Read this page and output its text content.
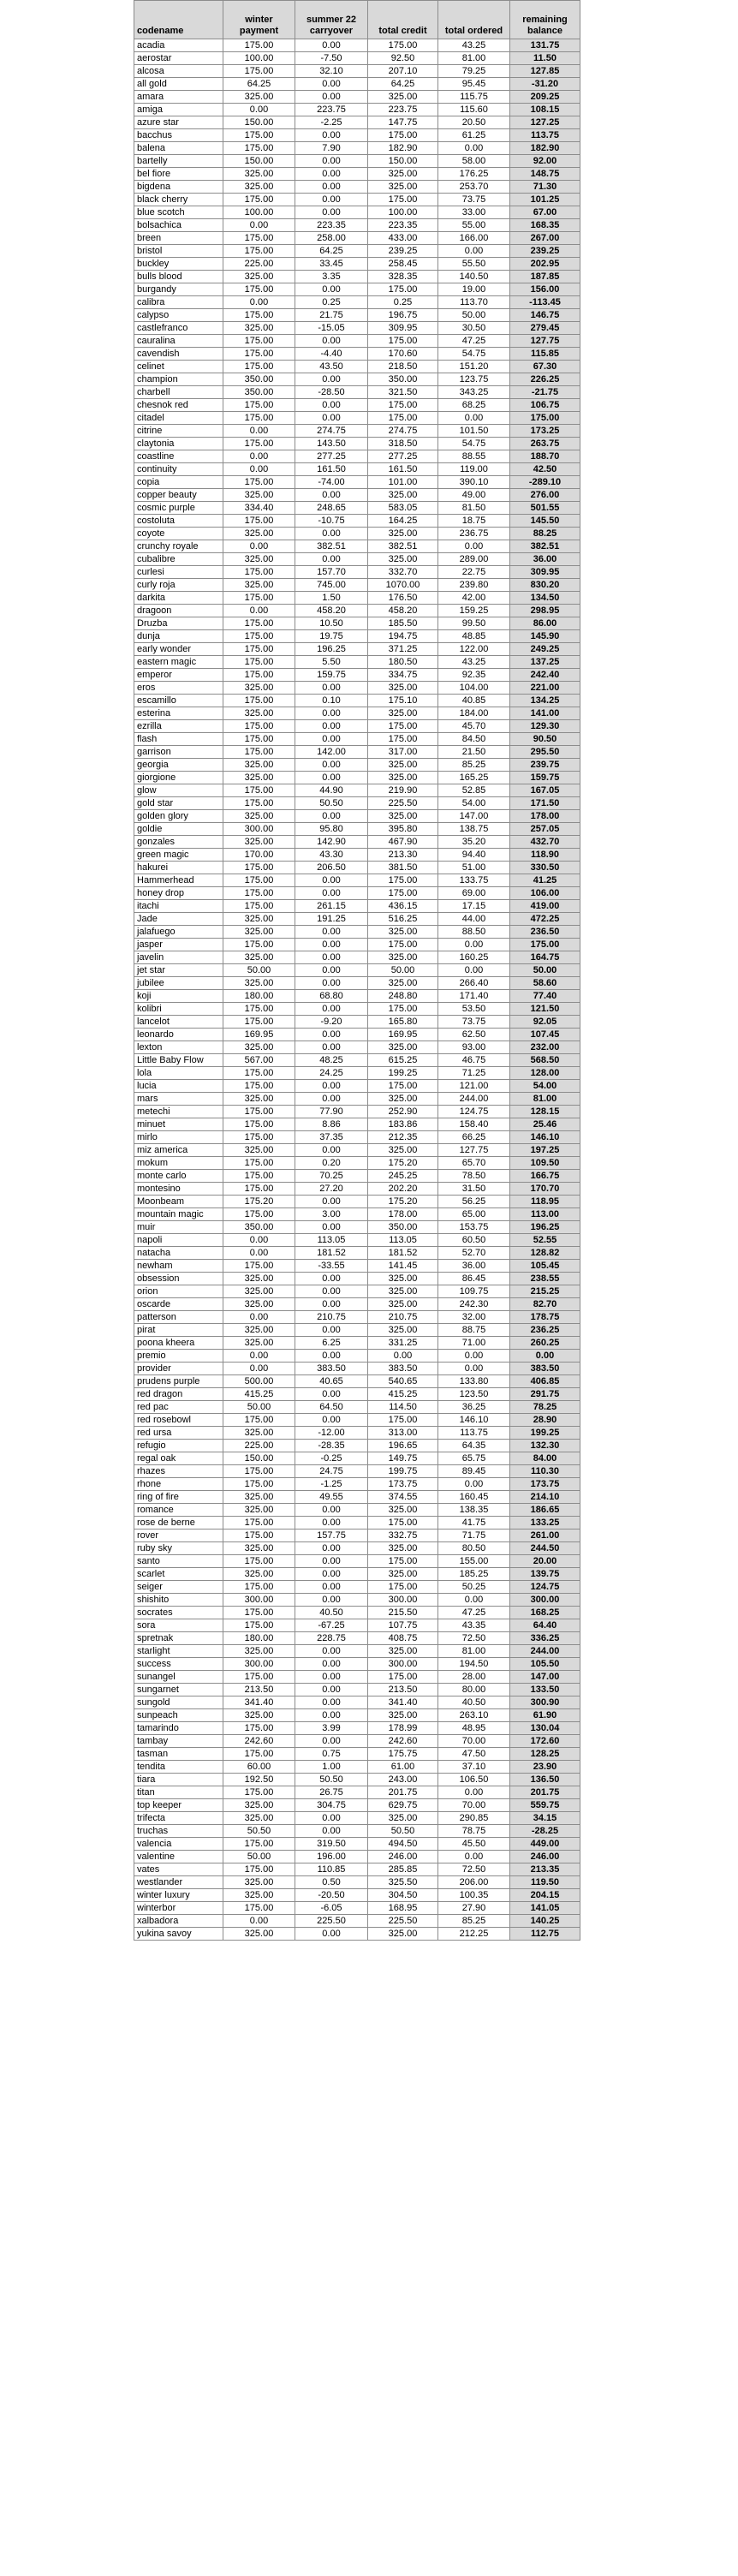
codename	winter payment	summer 22 carryover	total credit	total ordered	remaining balance
acadia	175.00	0.00	175.00	43.25	131.75
aerostar	100.00	-7.50	92.50	81.00	11.50
alcosa	175.00	32.10	207.10	79.25	127.85
all gold	64.25	0.00	64.25	95.45	-31.20
amara	325.00	0.00	325.00	115.75	209.25
amiga	0.00	223.75	223.75	115.60	108.15
azure star	150.00	-2.25	147.75	20.50	127.25
bacchus	175.00	0.00	175.00	61.25	113.75
balena	175.00	7.90	182.90	0.00	182.90
bartelly	150.00	0.00	150.00	58.00	92.00
bel fiore	325.00	0.00	325.00	176.25	148.75
bigdena	325.00	0.00	325.00	253.70	71.30
black cherry	175.00	0.00	175.00	73.75	101.25
blue scotch	100.00	0.00	100.00	33.00	67.00
bolsachica	0.00	223.35	223.35	55.00	168.35
breen	175.00	258.00	433.00	166.00	267.00
bristol	175.00	64.25	239.25	0.00	239.25
buckley	225.00	33.45	258.45	55.50	202.95
bulls blood	325.00	3.35	328.35	140.50	187.85
burgandy	175.00	0.00	175.00	19.00	156.00
calibra	0.00	0.25	0.25	113.70	-113.45
calypso	175.00	21.75	196.75	50.00	146.75
castlefranco	325.00	-15.05	309.95	30.50	279.45
cauralina	175.00	0.00	175.00	47.25	127.75
cavendish	175.00	-4.40	170.60	54.75	115.85
celinet	175.00	43.50	218.50	151.20	67.30
champion	350.00	0.00	350.00	123.75	226.25
charbell	350.00	-28.50	321.50	343.25	-21.75
chesnok red	175.00	0.00	175.00	68.25	106.75
citadel	175.00	0.00	175.00	0.00	175.00
citrine	0.00	274.75	274.75	101.50	173.25
claytonia	175.00	143.50	318.50	54.75	263.75
coastline	0.00	277.25	277.25	88.55	188.70
continuity	0.00	161.50	161.50	119.00	42.50
copia	175.00	-74.00	101.00	390.10	-289.10
copper beauty	325.00	0.00	325.00	49.00	276.00
cosmic purple	334.40	248.65	583.05	81.50	501.55
costoluta	175.00	-10.75	164.25	18.75	145.50
coyote	325.00	0.00	325.00	236.75	88.25
crunchy royale	0.00	382.51	382.51	0.00	382.51
cubalibre	325.00	0.00	325.00	289.00	36.00
curlesi	175.00	157.70	332.70	22.75	309.95
curly roja	325.00	745.00	1070.00	239.80	830.20
darkita	175.00	1.50	176.50	42.00	134.50
dragoon	0.00	458.20	458.20	159.25	298.95
Druzba	175.00	10.50	185.50	99.50	86.00
dunja	175.00	19.75	194.75	48.85	145.90
early wonder	175.00	196.25	371.25	122.00	249.25
eastern magic	175.00	5.50	180.50	43.25	137.25
emperor	175.00	159.75	334.75	92.35	242.40
eros	325.00	0.00	325.00	104.00	221.00
escamillo	175.00	0.10	175.10	40.85	134.25
esterina	325.00	0.00	325.00	184.00	141.00
ezrilla	175.00	0.00	175.00	45.70	129.30
flash	175.00	0.00	175.00	84.50	90.50
garrison	175.00	142.00	317.00	21.50	295.50
georgia	325.00	0.00	325.00	85.25	239.75
giorgione	325.00	0.00	325.00	165.25	159.75
glow	175.00	44.90	219.90	52.85	167.05
gold star	175.00	50.50	225.50	54.00	171.50
golden glory	325.00	0.00	325.00	147.00	178.00
goldie	300.00	95.80	395.80	138.75	257.05
gonzales	325.00	142.90	467.90	35.20	432.70
green magic	170.00	43.30	213.30	94.40	118.90
hakurei	175.00	206.50	381.50	51.00	330.50
Hammerhead	175.00	0.00	175.00	133.75	41.25
honey drop	175.00	0.00	175.00	69.00	106.00
itachi	175.00	261.15	436.15	17.15	419.00
Jade	325.00	191.25	516.25	44.00	472.25
jalafuego	325.00	0.00	325.00	88.50	236.50
jasper	175.00	0.00	175.00	0.00	175.00
javelin	325.00	0.00	325.00	160.25	164.75
jet star	50.00	0.00	50.00	0.00	50.00
jubilee	325.00	0.00	325.00	266.40	58.60
koji	180.00	68.80	248.80	171.40	77.40
kolibri	175.00	0.00	175.00	53.50	121.50
lancelot	175.00	-9.20	165.80	73.75	92.05
leonardo	169.95	0.00	169.95	62.50	107.45
lexton	325.00	0.00	325.00	93.00	232.00
Little Baby Flow	567.00	48.25	615.25	46.75	568.50
lola	175.00	24.25	199.25	71.25	128.00
lucia	175.00	0.00	175.00	121.00	54.00
mars	325.00	0.00	325.00	244.00	81.00
metechi	175.00	77.90	252.90	124.75	128.15
minuet	175.00	8.86	183.86	158.40	25.46
mirlo	175.00	37.35	212.35	66.25	146.10
miz america	325.00	0.00	325.00	127.75	197.25
mokum	175.00	0.20	175.20	65.70	109.50
monte carlo	175.00	70.25	245.25	78.50	166.75
montesino	175.00	27.20	202.20	31.50	170.70
Moonbeam	175.20	0.00	175.20	56.25	118.95
mountain magic	175.00	3.00	178.00	65.00	113.00
muir	350.00	0.00	350.00	153.75	196.25
napoli	0.00	113.05	113.05	60.50	52.55
natacha	0.00	181.52	181.52	52.70	128.82
newham	175.00	-33.55	141.45	36.00	105.45
obsession	325.00	0.00	325.00	86.45	238.55
orion	325.00	0.00	325.00	109.75	215.25
oscarde	325.00	0.00	325.00	242.30	82.70
patterson	0.00	210.75	210.75	32.00	178.75
pirat	325.00	0.00	325.00	88.75	236.25
poona kheera	325.00	6.25	331.25	71.00	260.25
premio	0.00	0.00	0.00	0.00	0.00
provider	0.00	383.50	383.50	0.00	383.50
prudens purple	500.00	40.65	540.65	133.80	406.85
red dragon	415.25	0.00	415.25	123.50	291.75
red pac	50.00	64.50	114.50	36.25	78.25
red rosebowl	175.00	0.00	175.00	146.10	28.90
red ursa	325.00	-12.00	313.00	113.75	199.25
refugio	225.00	-28.35	196.65	64.35	132.30
regal oak	150.00	-0.25	149.75	65.75	84.00
rhazes	175.00	24.75	199.75	89.45	110.30
rhone	175.00	-1.25	173.75	0.00	173.75
ring of fire	325.00	49.55	374.55	160.45	214.10
romance	325.00	0.00	325.00	138.35	186.65
rose de berne	175.00	0.00	175.00	41.75	133.25
rover	175.00	157.75	332.75	71.75	261.00
ruby sky	325.00	0.00	325.00	80.50	244.50
santo	175.00	0.00	175.00	155.00	20.00
scarlet	325.00	0.00	325.00	185.25	139.75
seiger	175.00	0.00	175.00	50.25	124.75
shishito	300.00	0.00	300.00	0.00	300.00
socrates	175.00	40.50	215.50	47.25	168.25
sora	175.00	-67.25	107.75	43.35	64.40
spretnak	180.00	228.75	408.75	72.50	336.25
starlight	325.00	0.00	325.00	81.00	244.00
success	300.00	0.00	300.00	194.50	105.50
sunangel	175.00	0.00	175.00	28.00	147.00
sungarnet	213.50	0.00	213.50	80.00	133.50
sungold	341.40	0.00	341.40	40.50	300.90
sunpeach	325.00	0.00	325.00	263.10	61.90
tamarindo	175.00	3.99	178.99	48.95	130.04
tambay	242.60	0.00	242.60	70.00	172.60
tasman	175.00	0.75	175.75	47.50	128.25
tendita	60.00	1.00	61.00	37.10	23.90
tiara	192.50	50.50	243.00	106.50	136.50
titan	175.00	26.75	201.75	0.00	201.75
top keeper	325.00	304.75	629.75	70.00	559.75
trifecta	325.00	0.00	325.00	290.85	34.15
truchas	50.50	0.00	50.50	78.75	-28.25
valencia	175.00	319.50	494.50	45.50	449.00
valentine	50.00	196.00	246.00	0.00	246.00
vates	175.00	110.85	285.85	72.50	213.35
westlander	325.00	0.50	325.50	206.00	119.50
winter luxury	325.00	-20.50	304.50	100.35	204.15
winterbor	175.00	-6.05	168.95	27.90	141.05
xalbadora	0.00	225.50	225.50	85.25	140.25
yukina savoy	325.00	0.00	325.00	212.25	112.75
